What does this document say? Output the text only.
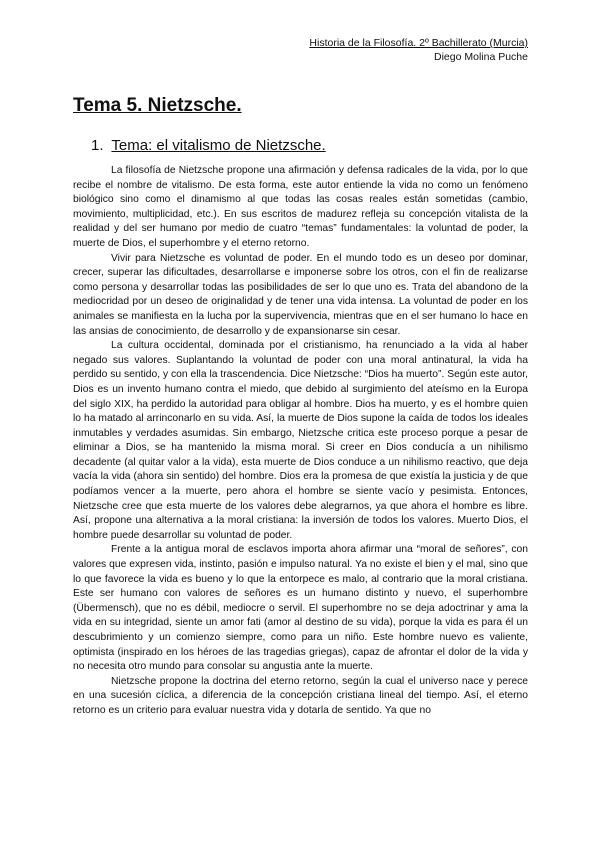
Historia de la Filosofía. 2º Bachillerato (Murcia)
Diego Molina Puche
Tema 5. Nietzsche.
1. Tema: el vitalismo de Nietzsche.

La filosofía de Nietzsche propone una afirmación y defensa radicales de la vida, por lo que recibe el nombre de vitalismo. De esta forma, este autor entiende la vida no como un fenómeno biológico sino como el dinamismo al que todas las cosas reales están sometidas (cambio, movimiento, multiplicidad, etc.). En sus escritos de madurez refleja su concepción vitalista de la realidad y del ser humano por medio de cuatro “temas” fundamentales: la voluntad de poder, la muerte de Dios, el superhombre y el eterno retorno.

Vivir para Nietzsche es voluntad de poder. En el mundo todo es un deseo por dominar, crecer, superar las dificultades, desarrollarse e imponerse sobre los otros, con el fin de realizarse como persona y desarrollar todas las posibilidades de ser lo que uno es. Trata del abandono de la mediocridad por un deseo de originalidad y de tener una vida intensa. La voluntad de poder en los animales se manifiesta en la lucha por la supervivencia, mientras que en el ser humano lo hace en las ansias de conocimiento, de desarrollo y de expansionarse sin cesar.

La cultura occidental, dominada por el cristianismo, ha renunciado a la vida al haber negado sus valores. Suplantando la voluntad de poder con una moral antinatural, la vida ha perdido su sentido, y con ella la trascendencia. Dice Nietzsche: “Dios ha muerto”. Según este autor, Dios es un invento humano contra el miedo, que debido al surgimiento del ateísmo en la Europa del siglo XIX, ha perdido la autoridad para obligar al hombre. Dios ha muerto, y es el hombre quien lo ha matado al arrinconarlo en su vida. Así, la muerte de Dios supone la caída de todos los ideales inmutables y verdades asumidas. Sin embargo, Nietzsche critica este proceso porque a pesar de eliminar a Dios, se ha mantenido la misma moral. Si creer en Dios conducía a un nihilismo decadente (al quitar valor a la vida), esta muerte de Dios conduce a un nihilismo reactivo, que deja vacía la vida (ahora sin sentido) del hombre. Dios era la promesa de que existía la justicia y de que podíamos vencer a la muerte, pero ahora el hombre se siente vacío y pesimista. Entonces, Nietzsche cree que esta muerte de los valores debe alegrarnos, ya que ahora el hombre es libre. Así, propone una alternativa a la moral cristiana: la inversión de todos los valores. Muerto Dios, el hombre puede desarrollar su voluntad de poder.

Frente a la antigua moral de esclavos importa ahora afirmar una “moral de señores”, con valores que expresen vida, instinto, pasión e impulso natural. Ya no existe el bien y el mal, sino que lo que favorece la vida es bueno y lo que la entorpece es malo, al contrario que la moral cristiana. Este ser humano con valores de señores es un humano distinto y nuevo, el superhombre (Übermensch), que no es débil, mediocre o servil. El superhombre no se deja adoctrinar y ama la vida en su integridad, siente un amor fati (amor al destino de su vida), porque la vida es para él un descubrimiento y un comienzo siempre, como para un niño. Este hombre nuevo es valiente, optimista (inspirado en los héroes de las tragedias griegas), capaz de afrontar el dolor de la vida y no necesita otro mundo para consolar su angustia ante la muerte.

Nietzsche propone la doctrina del eterno retorno, según la cual el universo nace y perece en una sucesión cíclica, a diferencia de la concepción cristiana lineal del tiempo. Así, el eterno retorno es un criterio para evaluar nuestra vida y dotarla de sentido. Ya que no
